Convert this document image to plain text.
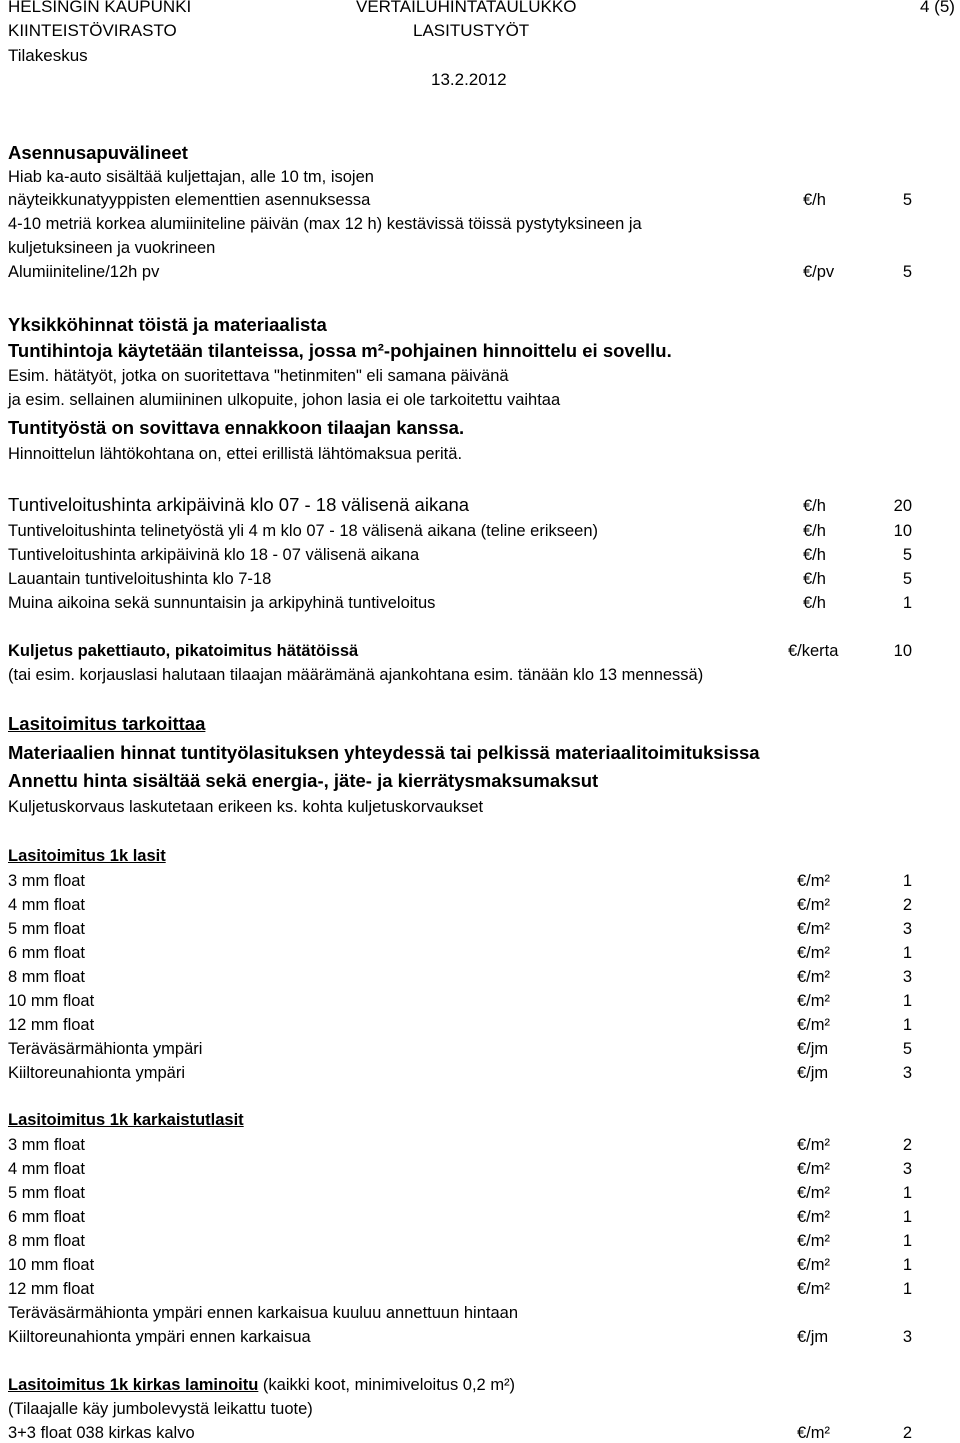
HELSINGIN KAUPUNKI
KIINTEISTÖVIRASTO
Tilakeskus
VERTAILUHINTATAULUKKO
LASITUSTYÖT
13.2.2012
4 (5)
Asennusapuvälineet
Hiab ka-auto sisältää kuljettajan, alle 10 tm, isojen
näyteikkunatyyppisten elementtien asennuksessa	€/h	5
4-10 metriä korkea alumiiniteline päivän (max 12 h) kestävissä töissä pystytyksineen ja
kuljetuksineen ja vuokrineen
Alumiiniteline/12h pv	€/pv	5
Yksikköhinnat töistä ja materiaalista
Tuntihintoja käytetään tilanteissa, jossa m²-pohjainen hinnoittelu ei sovellu.
Esim. hätätyöt, jotka on suoritettava "hetinmiten" eli samana päivänä
ja esim. sellainen alumiininen ulkopuite, johon lasia ei ole tarkoitettu vaihtaa
Tuntityöstä on sovittava ennakkoon tilaajan kanssa.
Hinnoittelun lähtökohtana on, ettei erillistä lähtömaksua peritä.
Tuntiveloitushinta arkipäivinä klo 07 - 18 välisenä aikana	€/h	20
Tuntiveloitushinta telinetyöstä yli 4 m klo 07 - 18 välisenä aikana (teline erikseen)	€/h	10
Tuntiveloitushinta arkipäivinä klo 18 - 07 välisenä aikana	€/h	5
Lauantain tuntiveloitushinta klo 7-18	€/h	5
Muina aikoina sekä sunnuntaisin ja arkipyhinä tuntiveloitus	€/h	1
Kuljetus pakettiauto, pikatoimitus hätätöissä	€/kerta	10
(tai esim. korjauslasi halutaan tilaajan määrämänä ajankohtana esim. tänään klo 13 mennessä)
Lasitoimitus tarkoittaa
Materiaalien hinnat tuntityölasituksen yhteydessä tai pelkissä materiaalitoimituksissa
Annettu hinta sisältää sekä energia-, jäte- ja kierrätysmaksumaksut
Kuljetuskorvaus laskutetaan erikeen ks. kohta kuljetuskorvaukset
Lasitoimitus 1k lasit
3 mm float	€/m²	1
4 mm float	€/m²	2
5 mm float	€/m²	3
6 mm float	€/m²	1
8 mm float	€/m²	3
10 mm float	€/m²	1
12 mm float	€/m²	1
Teräväsärmähionta ympäri	€/jm	5
Kiiltoreunahionta ympäri	€/jm	3
Lasitoimitus 1k karkaistutlasit
3 mm float	€/m²	2
4 mm float	€/m²	3
5 mm float	€/m²	1
6 mm float	€/m²	1
8 mm float	€/m²	1
10 mm float	€/m²	1
12 mm float	€/m²	1
Teräväsärmähionta ympäri ennen karkaisua kuuluu annettuun hintaan
Kiiltoreunahionta ympäri ennen karkaisua	€/jm	3
Lasitoimitus 1k kirkas laminoitu (kaikki koot, minimiveloitus 0,2 m²)
(Tilaajalle käy jumbolevystä leikattu tuote)
3+3 float 038 kirkas kalvo	€/m²	2
